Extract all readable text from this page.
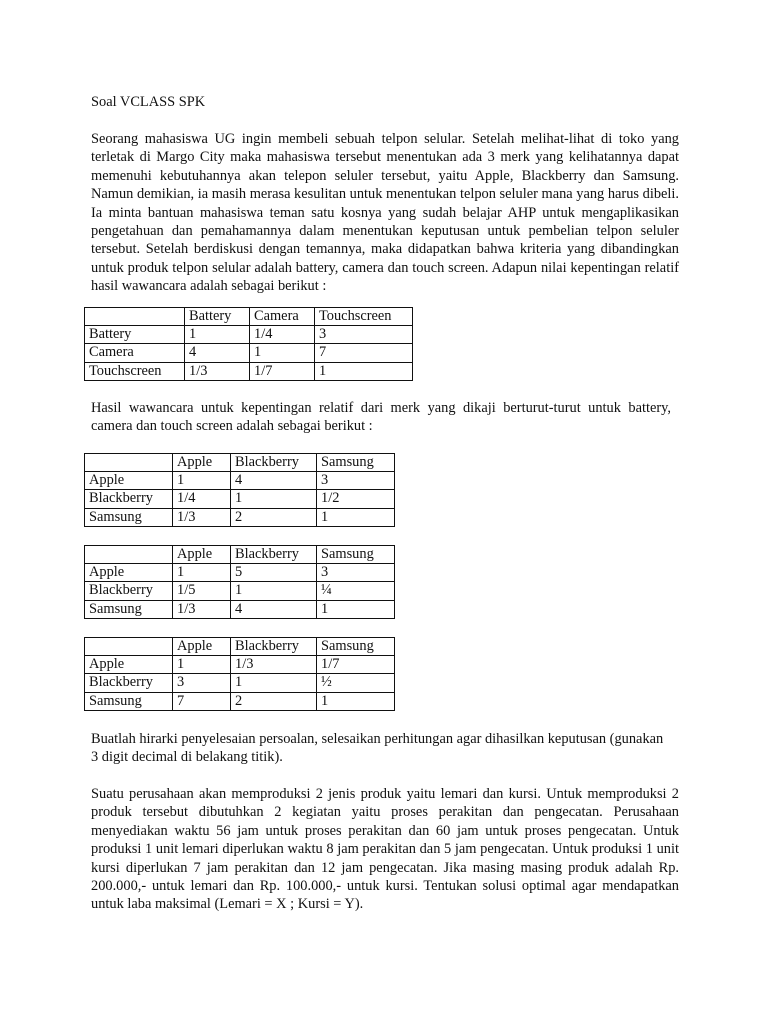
Soal VCLASS SPK
Seorang mahasiswa UG ingin membeli sebuah telpon selular. Setelah melihat-lihat di toko yang terletak di Margo City maka mahasiswa tersebut menentukan ada 3 merk yang kelihatannya dapat memenuhi kebutuhannya akan telepon seluler tersebut, yaitu Apple, Blackberry dan Samsung. Namun demikian, ia masih merasa kesulitan untuk menentukan telpon seluler mana yang harus dibeli. Ia minta bantuan mahasiswa teman satu kosnya yang sudah belajar AHP untuk mengaplikasikan pengetahuan dan pemahamannya dalam menentukan keputusan untuk pembelian telpon seluler tersebut. Setelah berdiskusi dengan temannya, maka didapatkan bahwa kriteria yang dibandingkan untuk produk telpon selular adalah battery, camera dan touch screen. Adapun nilai kepentingan relatif hasil wawancara adalah sebagai berikut :
	Battery	Camera	Touchscreen
Battery	1	1/4	3
Camera	4	1	7
Touchscreen	1/3	1/7	1
Hasil wawancara untuk kepentingan relatif dari merk yang dikaji berturut-turut untuk battery, camera dan touch screen adalah sebagai berikut :
	Apple	Blackberry	Samsung
Apple	1	4	3
Blackberry	1/4	1	1/2
Samsung	1/3	2	1
	Apple	Blackberry	Samsung
Apple	1	5	3
Blackberry	1/5	1	¼
Samsung	1/3	4	1
	Apple	Blackberry	Samsung
Apple	1	1/3	1/7
Blackberry	3	1	½
Samsung	7	2	1
Buatlah hirarki penyelesaian persoalan, selesaikan perhitungan agar dihasilkan keputusan (gunakan 3 digit decimal di belakang titik).
Suatu perusahaan akan memproduksi 2 jenis produk yaitu lemari dan kursi. Untuk memproduksi 2 produk tersebut dibutuhkan 2 kegiatan yaitu proses perakitan dan pengecatan. Perusahaan menyediakan waktu 56 jam untuk proses perakitan dan 60 jam untuk proses pengecatan. Untuk produksi 1 unit lemari diperlukan waktu 8 jam perakitan dan 5 jam pengecatan. Untuk produksi 1 unit kursi diperlukan 7 jam perakitan dan 12 jam pengecatan. Jika masing masing produk adalah Rp. 200.000,- untuk lemari dan Rp. 100.000,- untuk kursi. Tentukan solusi optimal agar mendapatkan untuk laba maksimal (Lemari = X ; Kursi = Y).
